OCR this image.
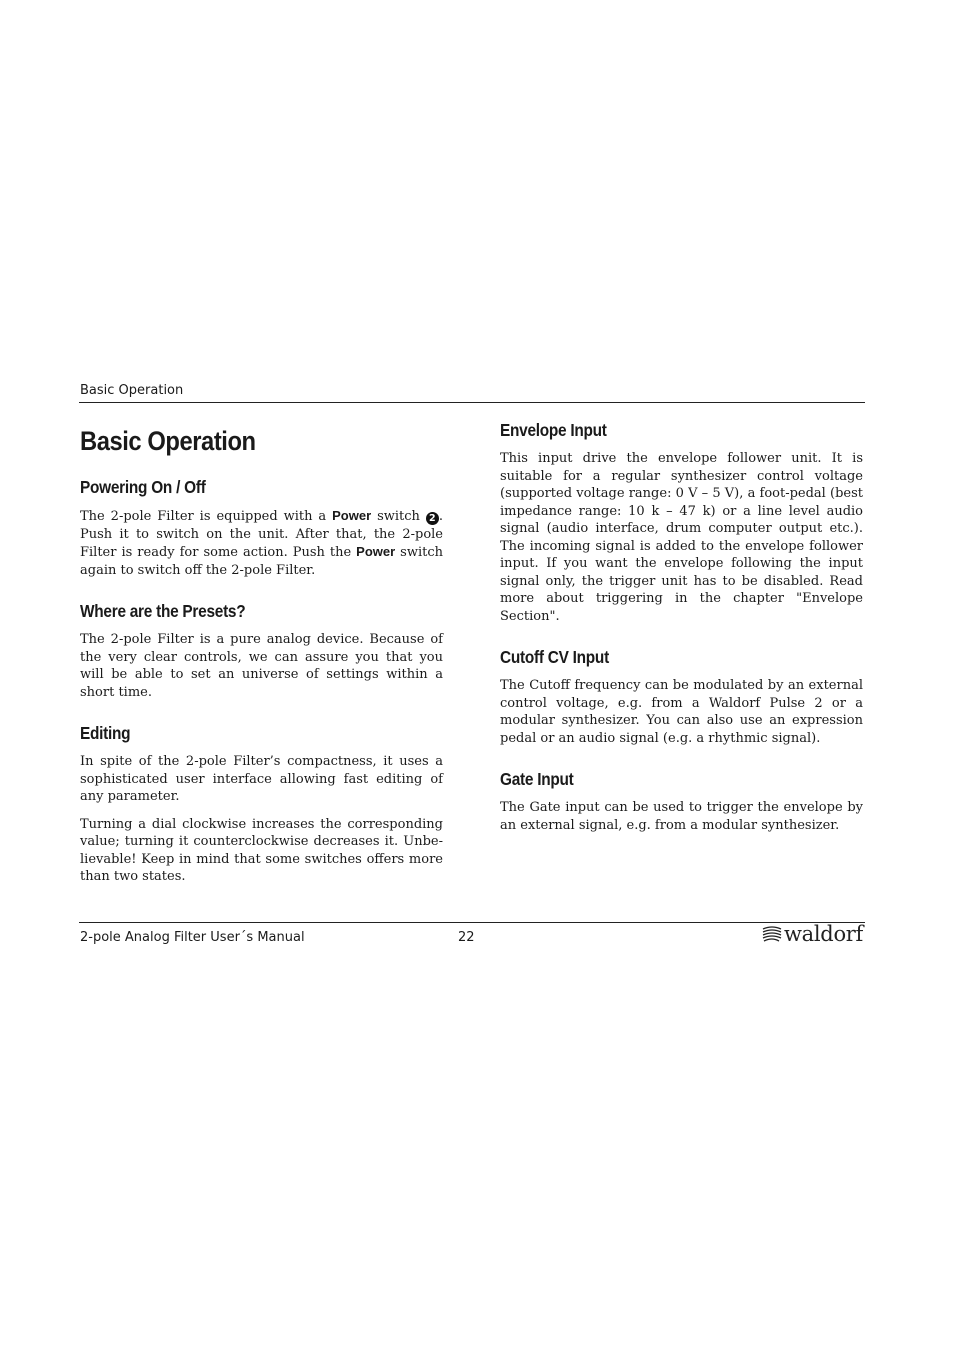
Basic Operation
Basic Operation
Powering On / Off

The 2-pole Filter is equipped with a Power switch 2 . Push it to switch on the unit. After that, the 2-pole Filter is ready for some action. Push the Power switch again to switch off the 2-pole Filter.

Where are the Presets?

The 2-pole Filter is a pure analog device. Because of the very clear controls, we can assure you that you will be able to set an universe of settings within a short time.

Editing

In spite of the 2-pole Filter’s compactness, it uses a sophisticated user interface allowing fast editing of any parameter.

Turning a dial clockwise increases the corresponding value; turning it counterclockwise decreases it. Unbelievable! Keep in mind that some switches offers more than two states.

Envelope Input

This input drive the envelope follower unit. It is suitable for a regular synthesizer control voltage (supported voltage range: 0 V – 5 V), a foot-pedal (best impedance range: 10 k – 47 k) or a line level audio signal (audio interface, drum computer output etc.). The incoming signal is added to the envelope follower input. If you want the envelope following the input signal only, the trigger unit has to be disabled. Read more about triggering in the chapter "Envelope Section".

Cutoff CV Input

The Cutoff frequency can be modulated by an external control voltage, e.g. from a Waldorf Pulse 2 or a modular synthesizer. You can also use an expression pedal or an audio signal (e.g. a rhythmic signal).

Gate Input

The Gate input can be used to trigger the envelope by an external signal, e.g. from a modular synthesizer.

2-pole Analog Filter User´s Manual	22	waldorf
